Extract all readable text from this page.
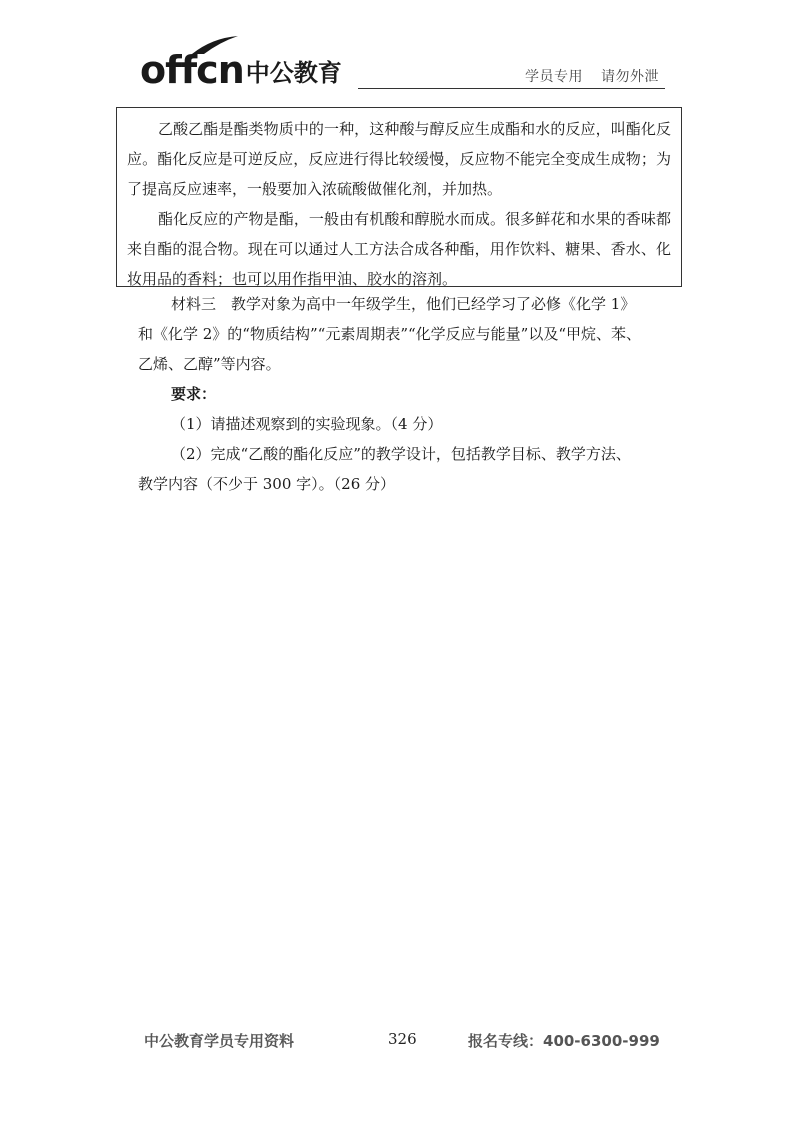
offcn 中公教育	学员专用 请勿外泄

乙酸乙酯是酯类物质中的一种，这种酸与醇反应生成酯和水的反应，叫酯化反应。酯化反应是可逆反应，反应进行得比较缓慢，反应物不能完全变成生成物；为了提高反应速率，一般要加入浓硫酸做催化剂，并加热。

酯化反应的产物是酯，一般由有机酸和醇脱水而成。很多鲜花和水果的香味都来自酯的混合物。现在可以通过人工方法合成各种酯，用作饮料、糖果、香水、化妆用品的香料；也可以用作指甲油、胶水的溶剂。

材料三　教学对象为高中一年级学生，他们已经学习了必修《化学 1》

和《化学 2》的“物质结构”“元素周期表”“化学反应与能量”以及“甲烷、苯、

乙烯、乙醇”等内容。

要求：

（1）请描述观察到的实验现象。（4 分）

（2）完成“乙酸的酯化反应”的教学设计，包括教学目标、教学方法、

教学内容（不少于 300 字）。（26 分）

中公教育学员专用资料	326	报名专线：400-6300-999
